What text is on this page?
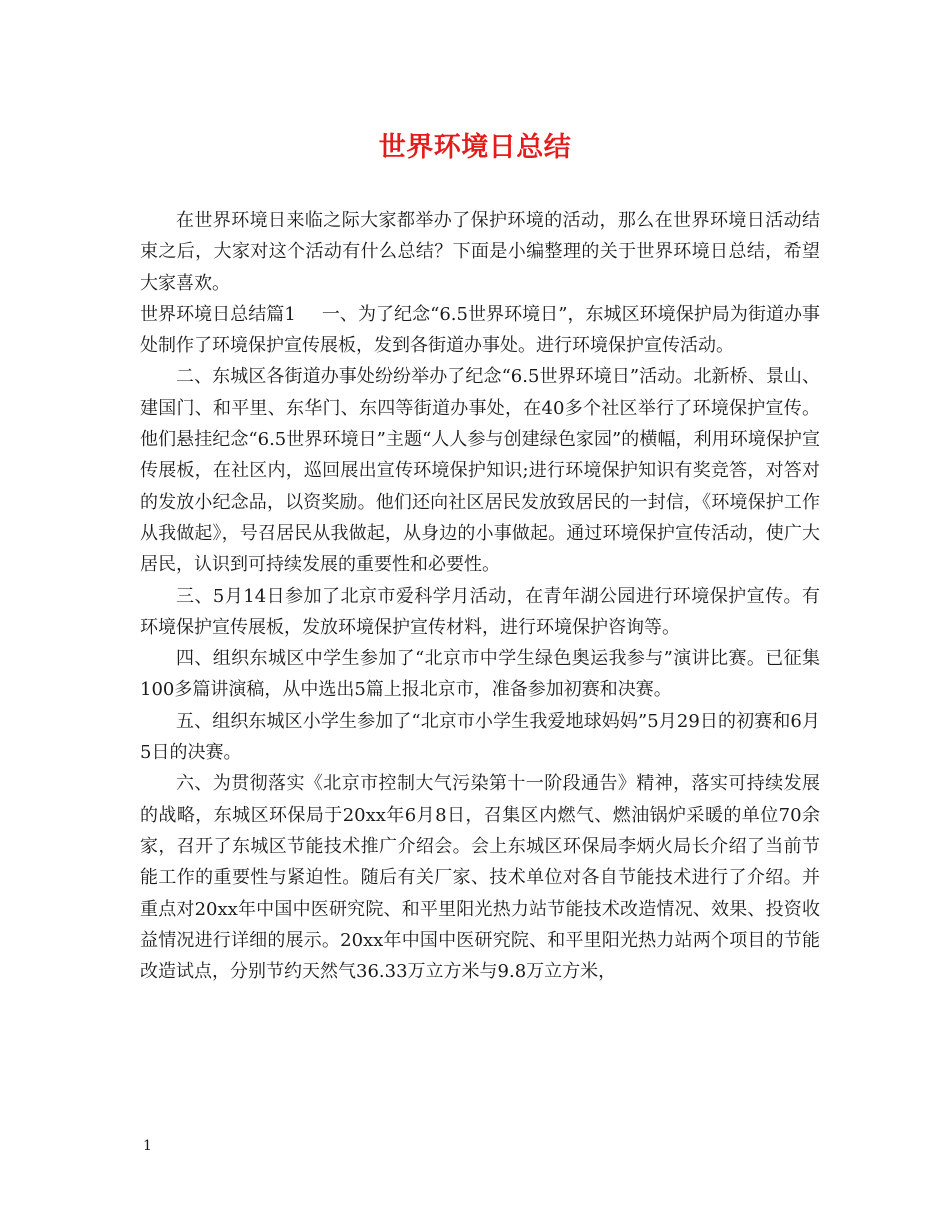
世界环境日总结

在世界环境日来临之际大家都举办了保护环境的活动，那么在世界环境日活动结束之后，大家对这个活动有什么总结？下面是小编整理的关于世界环境日总结，希望大家喜欢。

世界环境日总结篇1 一、为了纪念“6.5世界环境日”，东城区环境保护局为街道办事处制作了环境保护宣传展板，发到各街道办事处。进行环境保护宣传活动。

二、东城区各街道办事处纷纷举办了纪念“6.5世界环境日”活动。北新桥、景山、建国门、和平里、东华门、东四等街道办事处，在40多个社区举行了环境保护宣传。他们悬挂纪念“6.5世界环境日”主题“人人参与创建绿色家园”的横幅，利用环境保护宣传展板，在社区内，巡回展出宣传环境保护知识;进行环境保护知识有奖竞答，对答对的发放小纪念品，以资奖励。他们还向社区居民发放致居民的一封信，《环境保护工作从我做起》，号召居民从我做起，从身边的小事做起。通过环境保护宣传活动，使广大居民，认识到可持续发展的重要性和必要性。

三、5月14日参加了北京市爱科学月活动，在青年湖公园进行环境保护宣传。有环境保护宣传展板，发放环境保护宣传材料，进行环境保护咨询等。

四、组织东城区中学生参加了“北京市中学生绿色奥运我参与”演讲比赛。已征集100多篇讲演稿，从中选出5篇上报北京市，准备参加初赛和决赛。

五、组织东城区小学生参加了“北京市小学生我爱地球妈妈”5月29日的初赛和6月5日的决赛。

六、为贯彻落实《北京市控制大气污染第十一阶段通告》精神，落实可持续发展的战略，东城区环保局于20xx年6月8日，召集区内燃气、燃油锅炉采暖的单位70余家，召开了东城区节能技术推广介绍会。会上东城区环保局李炳火局长介绍了当前节能工作的重要性与紧迫性。随后有关厂家、技术单位对各自节能技术进行了介绍。并重点对20xx年中国中医研究院、和平里阳光热力站节能技术改造情况、效果、投资收益情况进行详细的展示。20xx年中国中医研究院、和平里阳光热力站两个项目的节能改造试点，分别节约天然气36.33万立方米与9.8万立方米，

1
